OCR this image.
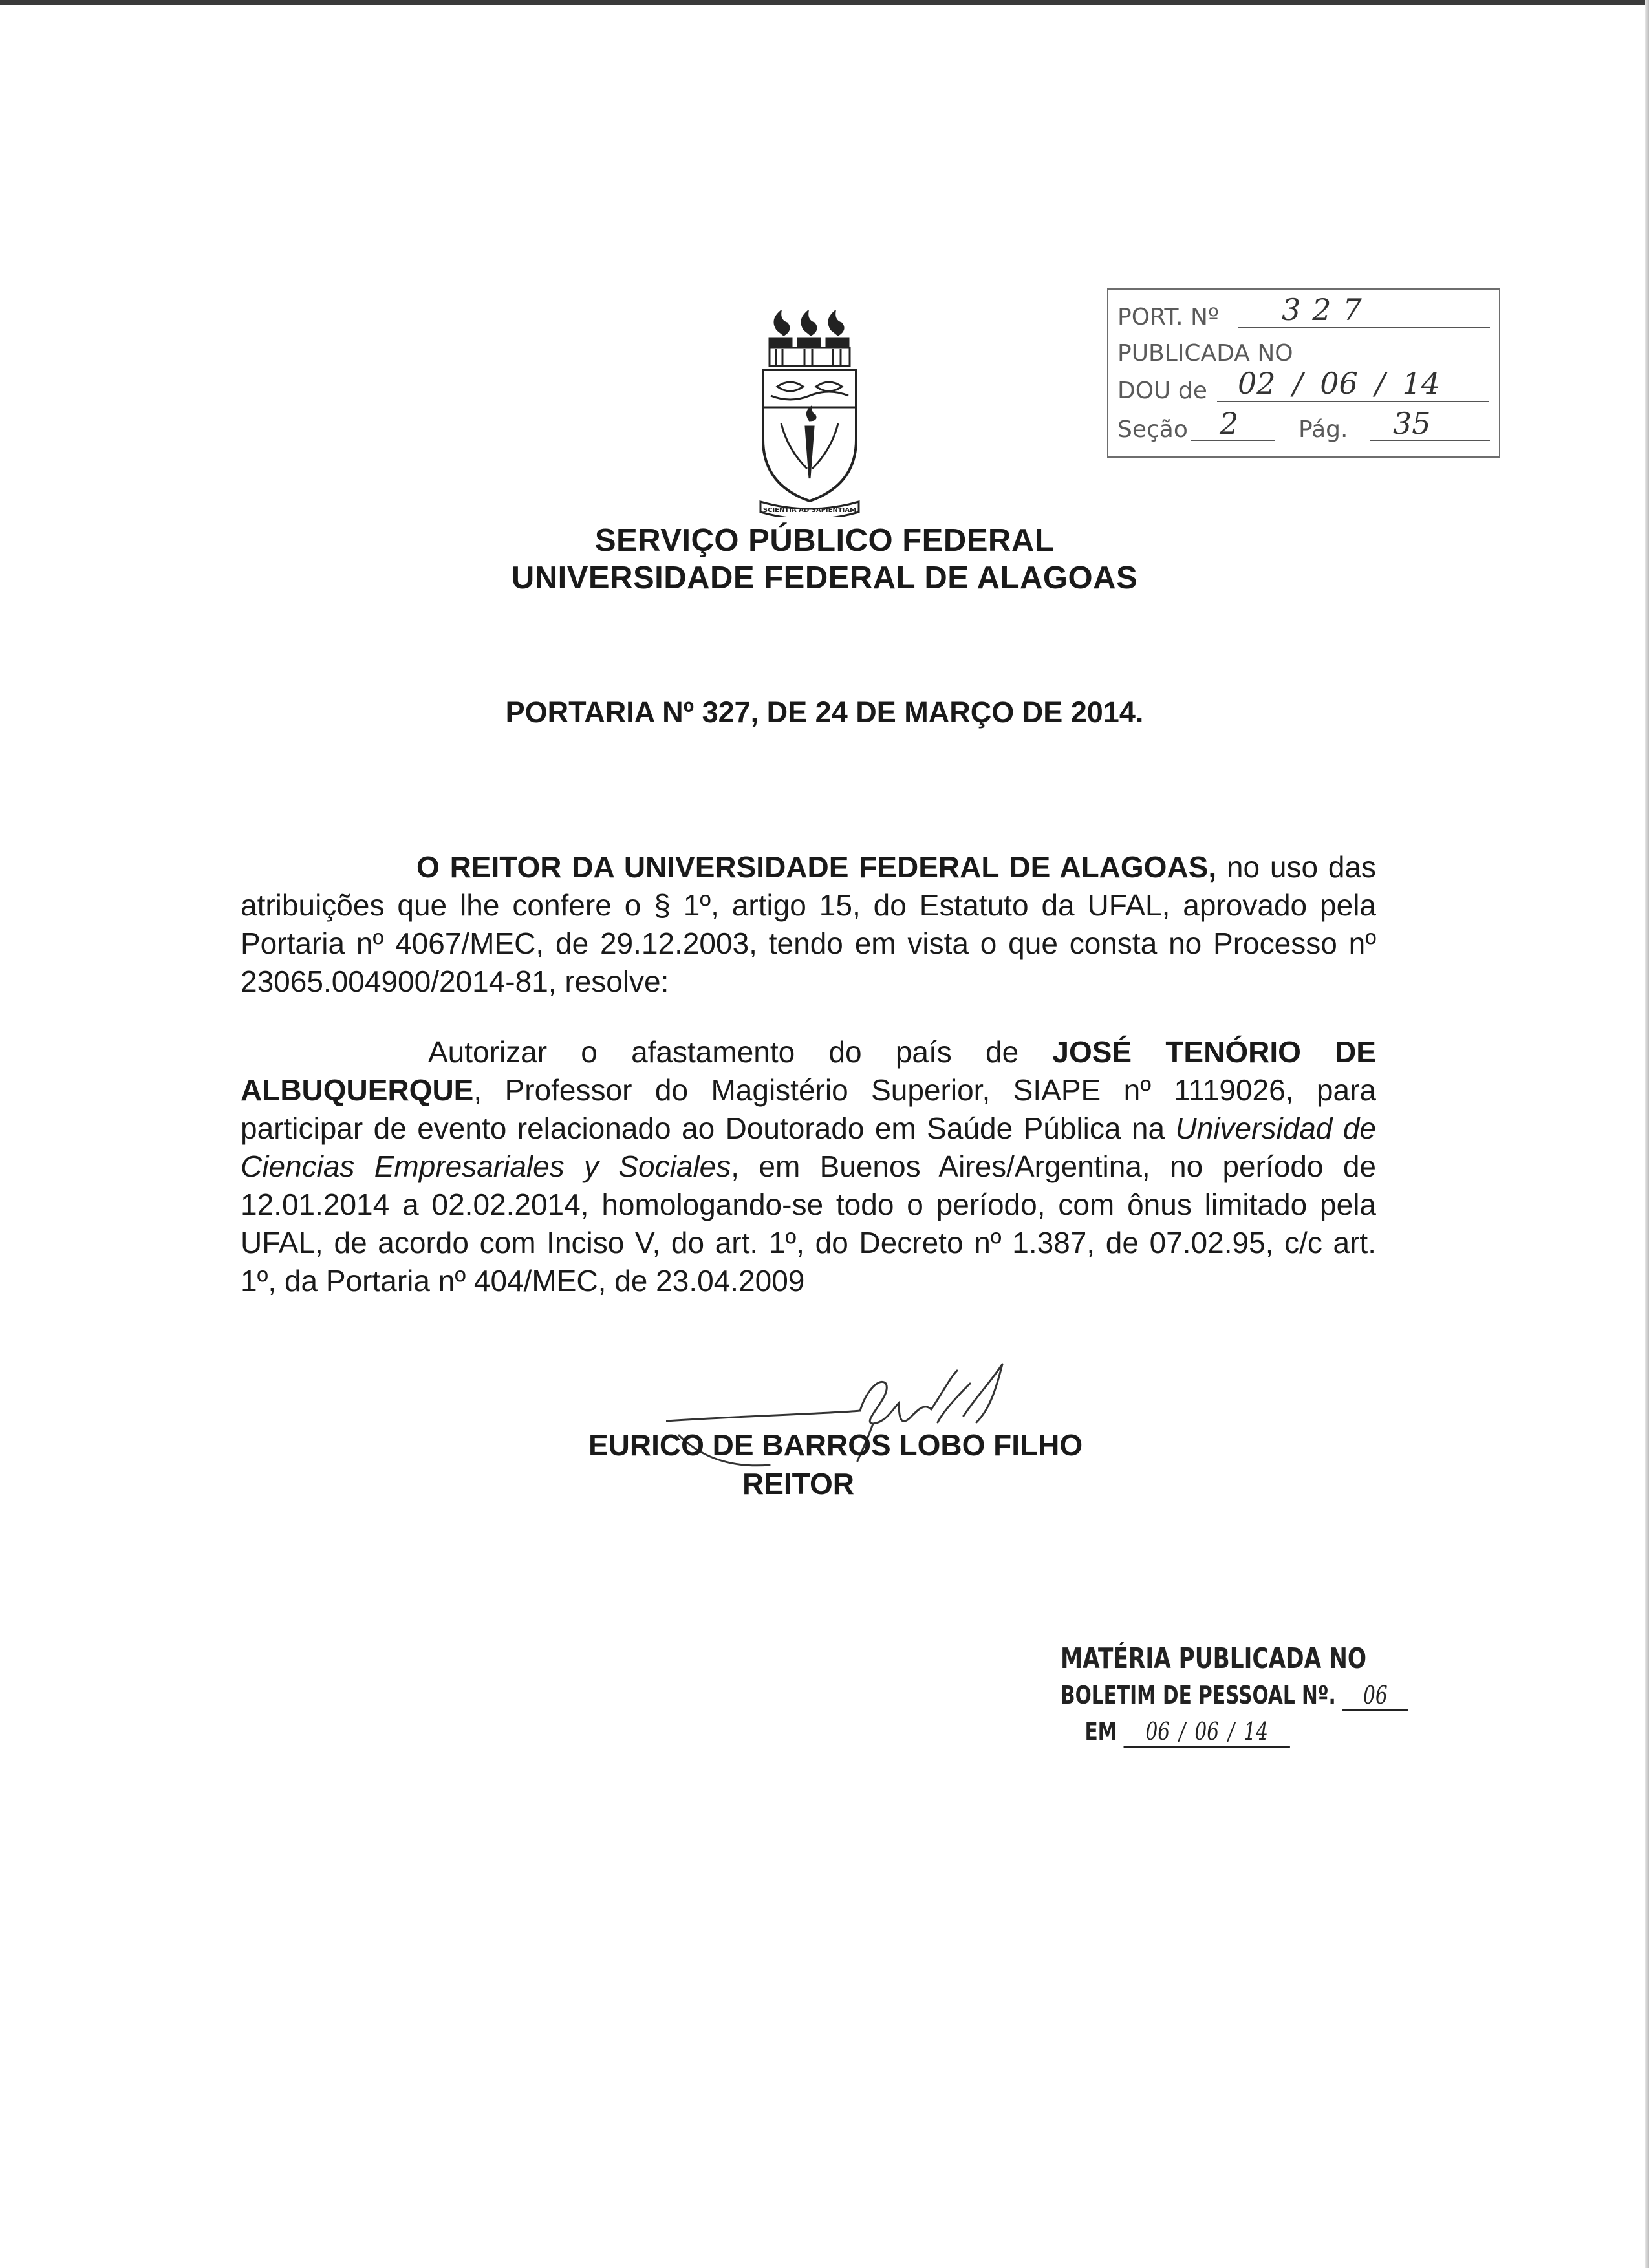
SCIENTIA AD SAPIENTIAM
PORT. Nº 327
PUBLICADA NO
DOU de 02 / 06 / 14
Seção 2	Pág. 35
SERVIÇO PÚBLICO FEDERAL
UNIVERSIDADE FEDERAL DE ALAGOAS
PORTARIA Nº 327, DE 24 DE MARÇO DE 2014.

O REITOR DA UNIVERSIDADE FEDERAL DE ALAGOAS, no uso das atribuições que lhe confere o § 1º, artigo 15, do Estatuto da UFAL, aprovado pela Portaria nº 4067/MEC, de 29.12.2003, tendo em vista o que consta no Processo nº 23065.004900/2014-81, resolve:

Autorizar o afastamento do país de JOSÉ TENÓRIO DE ALBUQUERQUE, Professor do Magistério Superior, SIAPE nº 1119026, para participar de evento relacionado ao Doutorado em Saúde Pública na Universidad de Ciencias Empresariales y Sociales, em Buenos Aires/Argentina, no período de 12.01.2014 a 02.02.2014, homologando-se todo o período, com ônus limitado pela UFAL, de acordo com Inciso V, do art. 1º, do Decreto nº 1.387, de 07.02.95, c/c art. 1º, da Portaria nº 404/MEC, de 23.04.2009

EURICO DE BARROS LOBO FILHO
REITOR
MATÉRIA PUBLICADA NO
BOLETIM DE PESSOAL Nº. 06
EM 06 / 06 / 14
